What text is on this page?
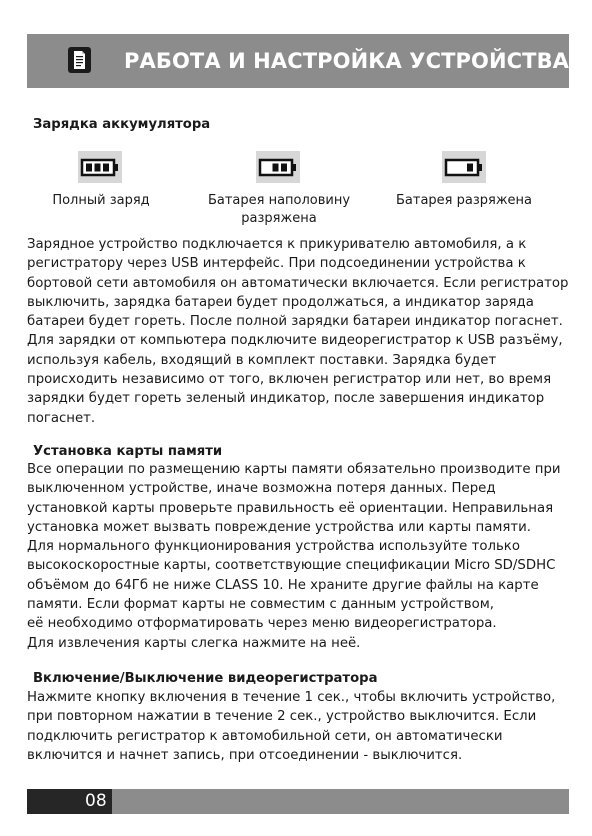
РАБОТА И НАСТРОЙКА УСТРОЙСТВА
Зарядка аккумулятора
Полный заряд	Батарея наполовину
разряжена
Батарея разряжена

Зарядное устройство подключается к прикуривателю автомобиля, а к
регистратору через USB интерфейс. При подсоединении устройства к
бортовой сети автомобиля он автоматически включается. Если регистратор
выключить, зарядка батареи будет продолжаться, а индикатор заряда
батареи будет гореть. После полной зарядки батареи индикатор погаснет.
Для зарядки от компьютера подключите видеорегистратор к USB разъёму,
используя кабель, входящий в комплект поставки. Зарядка будет
происходить независимо от того, включен регистратор или нет, во время
зарядки будет гореть зеленый индикатор, после завершения индикатор
погаснет.

Установка карты памяти

Все операции по размещению карты памяти обязательно производите при
выключенном устройстве, иначе возможна потеря данных. Перед
установкой карты проверьте правильность её ориентации. Неправильная
установка может вызвать повреждение устройства или карты памяти.
Для нормального функционирования устройства используйте только
высокоскоростные карты, соответствующие спецификации Micro SD/SDHC
объёмом до 64Гб не ниже CLASS 10. Не храните другие файлы на карте
памяти. Если формат карты не совместим с данным устройством,
её необходимо отформатировать через меню видеорегистратора.
Для извлечения карты слегка нажмите на неё.

Включение/Выключение видеорегистратора

Нажмите кнопку включения в течение 1 сек., чтобы включить устройство,
при повторном нажатии в течение 2 сек., устройство выключится. Если
подключить регистратор к автомобильной сети, он автоматически
включится и начнет запись, при отсоединении - выключится.

08
